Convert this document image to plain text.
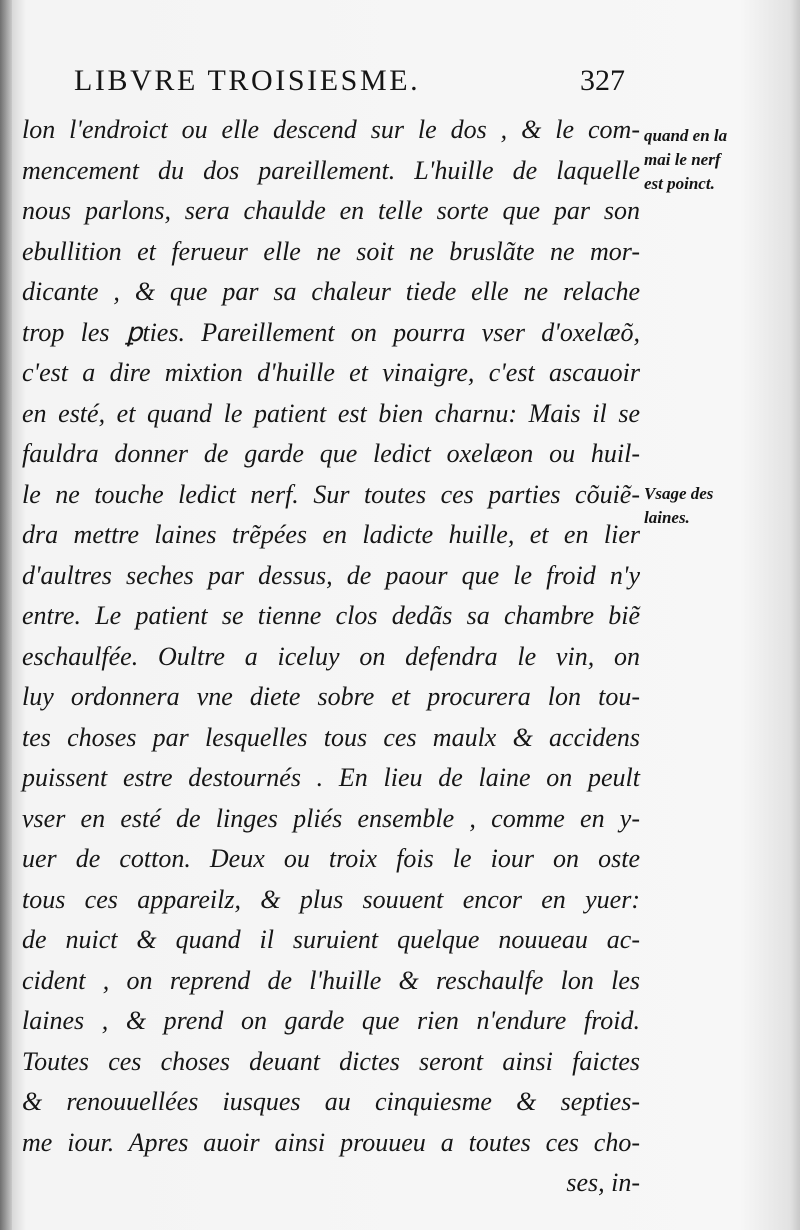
LIBVRE TROISIESME.	327
lon l'endroict ou elle descend sur le dos , & le com-
mencement du dos pareillement. L'huille de laquelle
nous parlons, sera chaulde en telle sorte que par son
ebullition et ferueur elle ne soit ne bruslãte ne mor-
dicante , & que par sa chaleur tiede elle ne relache
trop les ꝑties. Pareillement on pourra vser d'oxelæõ,
c'est a dire mixtion d'huille et vinaigre, c'est ascauoir
en esté, et quand le patient est bien charnu: Mais il se
fauldra donner de garde que ledict oxelæon ou huil-
le ne touche ledict nerf. Sur toutes ces parties cõuiẽ-
dra mettre laines trẽpées en ladicte huille, et en lier
d'aultres seches par dessus, de paour que le froid n'y
entre. Le patient se tienne clos dedãs sa chambre biẽ
eschaulfée. Oultre a iceluy on defendra le vin, on
luy ordonnera vne diete sobre et procurera lon tou-
tes choses par lesquelles tous ces maulx & accidens
puissent estre destournés . En lieu de laine on peult
vser en esté de linges pliés ensemble , comme en y-
uer de cotton. Deux ou troix fois le iour on oste
tous ces appareilz, & plus souuent encor en yuer:
de nuict & quand il suruient quelque nouueau ac-
cident , on reprend de l'huille & reschaulfe lon les
laines , & prend on garde que rien n'endure froid.
Toutes ces choses deuant dictes seront ainsi faictes
& renouuellées iusques au cinquiesme & septies-
me iour. Apres auoir ainsi prouueu a toutes ces cho-
ses, in-
quand en la
mai le nerf
est poinct.
Vsage des
laines.
